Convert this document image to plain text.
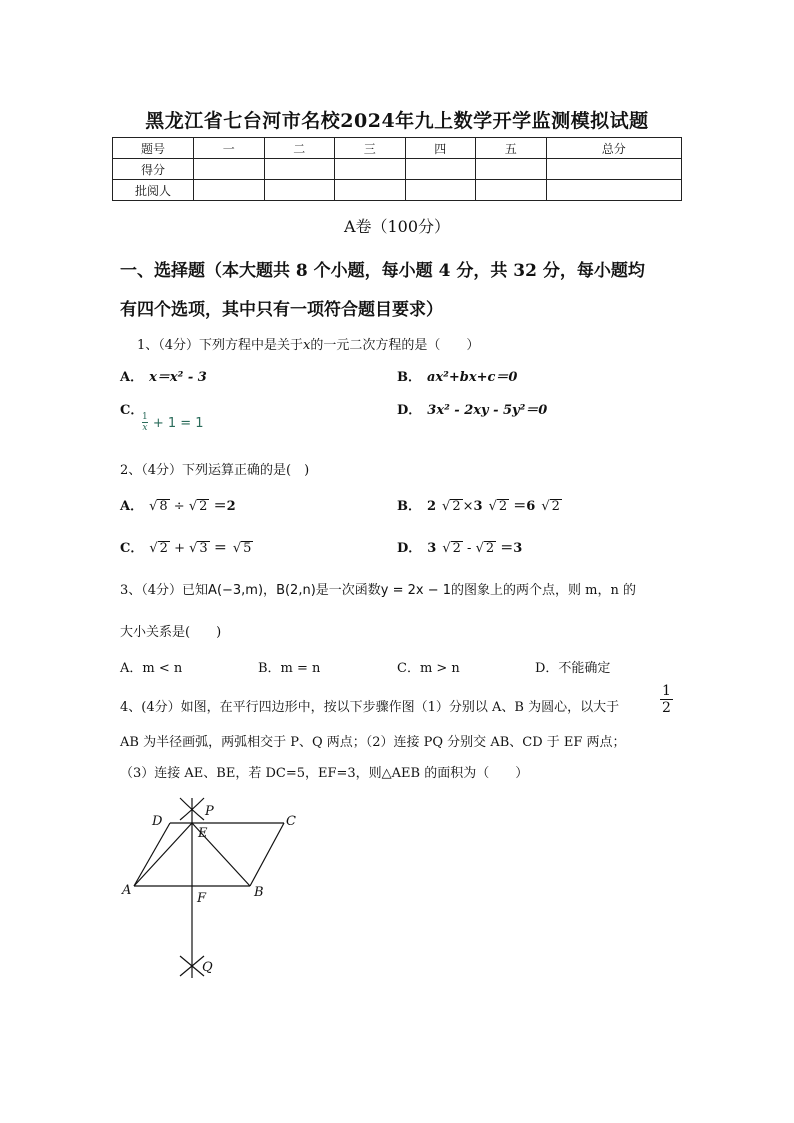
黑龙江省七台河市名校2024年九上数学开学监测模拟试题
题号	一	二	三	四	五	总分
得分						
批阅人						
A卷（100分）
一、选择题（本大题共 8 个小题，每小题 4 分，共 32 分，每小题均
有四个选项，其中只有一项符合题目要求）
1、（4分）下列方程中是关于x的一元二次方程的是（　　）
A． x＝x² - 3	B． ax²+bx+c＝0
C．
$\frac{1}{x} + 1 = 1$
D． 3x² - 2xy - 5y²＝0
2、（4分）下列运算正确的是(　)
A． √ 8 ÷ √ 2 ＝2	B． 2 √ 2 ×3 √ 2 ＝6 √ 2
C． √ 2 + √ 3 ＝ √ 5	D． 3 √ 2 - √ 2 ＝3
3、（4分）已知A(−3,m)，B(2,n)是一次函数y = 2x − 1的图象上的两个点，则 m，n 的
大小关系是(　　)
A．m < n	B．m = n	C．m > n	D．不能确定
4、(4分）如图，在平行四边形中，按以下步骤作图（1）分别以 A、B 为圆心，以大于	$\frac{1}{2}$
AB 为半径画弧，两弧相交于 P、Q 两点；（2）连接 PQ 分别交 AB、CD 于 EF 两点；
（3）连接 AE、BE，若 DC=5，EF=3，则△AEB 的面积为（　　）
D
P
C
E
A
F	B
Q
